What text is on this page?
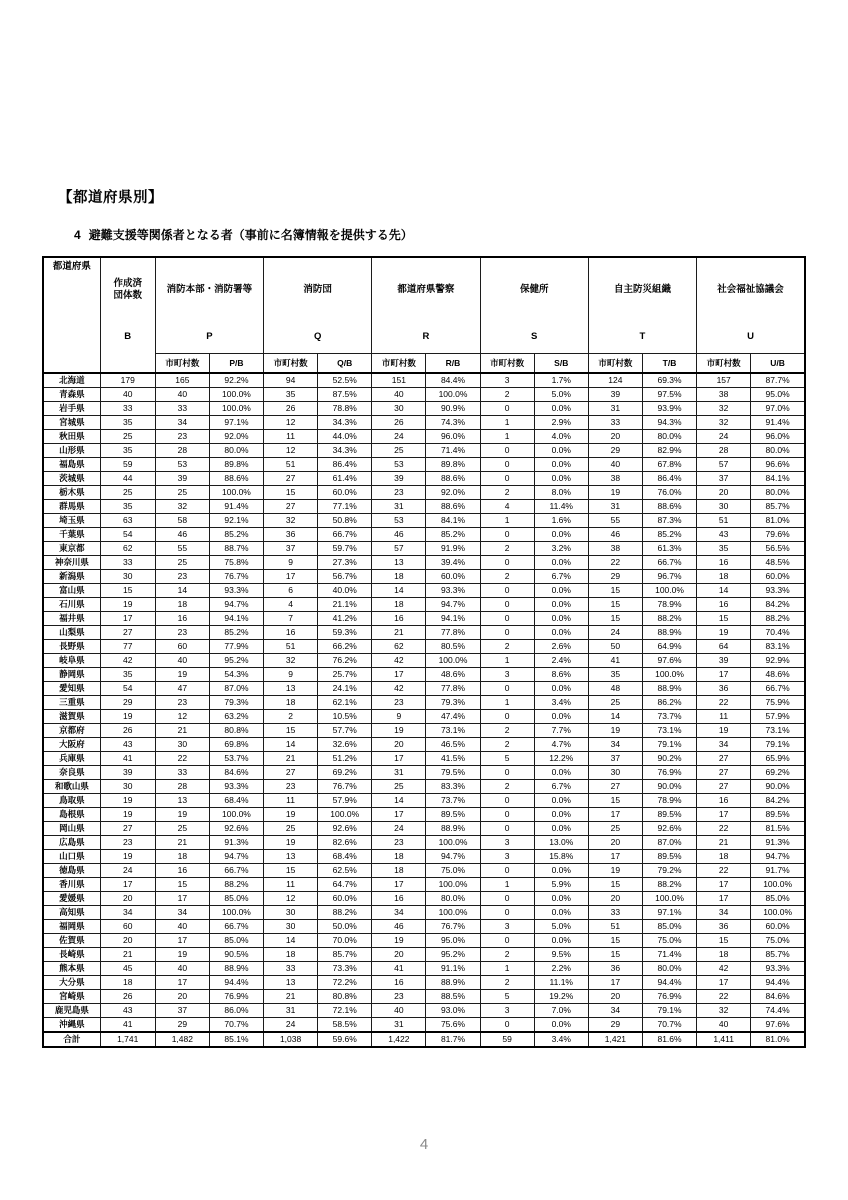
【都道府県別】
4 避難支援等関係者となる者（事前に名簿情報を提供する先）
都道府県	
作成済
団体数
B

消防本部・消防署等
P

消防団
Q

都道府県警察
R

保健所
S

自主防災組織
T

社会福祉協議会
U

		市町村数	P/B	市町村数	Q/B	市町村数	R/B	市町村数	S/B	市町村数	T/B	市町村数	U/B
北海道	179	165	92.2%	94	52.5%	151	84.4%	3	1.7%	124	69.3%	157	87.7%
青森県	40	40	100.0%	35	87.5%	40	100.0%	2	5.0%	39	97.5%	38	95.0%
岩手県	33	33	100.0%	26	78.8%	30	90.9%	0	0.0%	31	93.9%	32	97.0%
宮城県	35	34	97.1%	12	34.3%	26	74.3%	1	2.9%	33	94.3%	32	91.4%
秋田県	25	23	92.0%	11	44.0%	24	96.0%	1	4.0%	20	80.0%	24	96.0%
山形県	35	28	80.0%	12	34.3%	25	71.4%	0	0.0%	29	82.9%	28	80.0%
福島県	59	53	89.8%	51	86.4%	53	89.8%	0	0.0%	40	67.8%	57	96.6%
茨城県	44	39	88.6%	27	61.4%	39	88.6%	0	0.0%	38	86.4%	37	84.1%
栃木県	25	25	100.0%	15	60.0%	23	92.0%	2	8.0%	19	76.0%	20	80.0%
群馬県	35	32	91.4%	27	77.1%	31	88.6%	4	11.4%	31	88.6%	30	85.7%
埼玉県	63	58	92.1%	32	50.8%	53	84.1%	1	1.6%	55	87.3%	51	81.0%
千葉県	54	46	85.2%	36	66.7%	46	85.2%	0	0.0%	46	85.2%	43	79.6%
東京都	62	55	88.7%	37	59.7%	57	91.9%	2	3.2%	38	61.3%	35	56.5%
神奈川県	33	25	75.8%	9	27.3%	13	39.4%	0	0.0%	22	66.7%	16	48.5%
新潟県	30	23	76.7%	17	56.7%	18	60.0%	2	6.7%	29	96.7%	18	60.0%
富山県	15	14	93.3%	6	40.0%	14	93.3%	0	0.0%	15	100.0%	14	93.3%
石川県	19	18	94.7%	4	21.1%	18	94.7%	0	0.0%	15	78.9%	16	84.2%
福井県	17	16	94.1%	7	41.2%	16	94.1%	0	0.0%	15	88.2%	15	88.2%
山梨県	27	23	85.2%	16	59.3%	21	77.8%	0	0.0%	24	88.9%	19	70.4%
長野県	77	60	77.9%	51	66.2%	62	80.5%	2	2.6%	50	64.9%	64	83.1%
岐阜県	42	40	95.2%	32	76.2%	42	100.0%	1	2.4%	41	97.6%	39	92.9%
静岡県	35	19	54.3%	9	25.7%	17	48.6%	3	8.6%	35	100.0%	17	48.6%
愛知県	54	47	87.0%	13	24.1%	42	77.8%	0	0.0%	48	88.9%	36	66.7%
三重県	29	23	79.3%	18	62.1%	23	79.3%	1	3.4%	25	86.2%	22	75.9%
滋賀県	19	12	63.2%	2	10.5%	9	47.4%	0	0.0%	14	73.7%	11	57.9%
京都府	26	21	80.8%	15	57.7%	19	73.1%	2	7.7%	19	73.1%	19	73.1%
大阪府	43	30	69.8%	14	32.6%	20	46.5%	2	4.7%	34	79.1%	34	79.1%
兵庫県	41	22	53.7%	21	51.2%	17	41.5%	5	12.2%	37	90.2%	27	65.9%
奈良県	39	33	84.6%	27	69.2%	31	79.5%	0	0.0%	30	76.9%	27	69.2%
和歌山県	30	28	93.3%	23	76.7%	25	83.3%	2	6.7%	27	90.0%	27	90.0%
鳥取県	19	13	68.4%	11	57.9%	14	73.7%	0	0.0%	15	78.9%	16	84.2%
島根県	19	19	100.0%	19	100.0%	17	89.5%	0	0.0%	17	89.5%	17	89.5%
岡山県	27	25	92.6%	25	92.6%	24	88.9%	0	0.0%	25	92.6%	22	81.5%
広島県	23	21	91.3%	19	82.6%	23	100.0%	3	13.0%	20	87.0%	21	91.3%
山口県	19	18	94.7%	13	68.4%	18	94.7%	3	15.8%	17	89.5%	18	94.7%
徳島県	24	16	66.7%	15	62.5%	18	75.0%	0	0.0%	19	79.2%	22	91.7%
香川県	17	15	88.2%	11	64.7%	17	100.0%	1	5.9%	15	88.2%	17	100.0%
愛媛県	20	17	85.0%	12	60.0%	16	80.0%	0	0.0%	20	100.0%	17	85.0%
高知県	34	34	100.0%	30	88.2%	34	100.0%	0	0.0%	33	97.1%	34	100.0%
福岡県	60	40	66.7%	30	50.0%	46	76.7%	3	5.0%	51	85.0%	36	60.0%
佐賀県	20	17	85.0%	14	70.0%	19	95.0%	0	0.0%	15	75.0%	15	75.0%
長崎県	21	19	90.5%	18	85.7%	20	95.2%	2	9.5%	15	71.4%	18	85.7%
熊本県	45	40	88.9%	33	73.3%	41	91.1%	1	2.2%	36	80.0%	42	93.3%
大分県	18	17	94.4%	13	72.2%	16	88.9%	2	11.1%	17	94.4%	17	94.4%
宮崎県	26	20	76.9%	21	80.8%	23	88.5%	5	19.2%	20	76.9%	22	84.6%
鹿児島県	43	37	86.0%	31	72.1%	40	93.0%	3	7.0%	34	79.1%	32	74.4%
沖縄県	41	29	70.7%	24	58.5%	31	75.6%	0	0.0%	29	70.7%	40	97.6%
合計	1,741	1,482	85.1%	1,038	59.6%	1,422	81.7%	59	3.4%	1,421	81.6%	1,411	81.0%
4
